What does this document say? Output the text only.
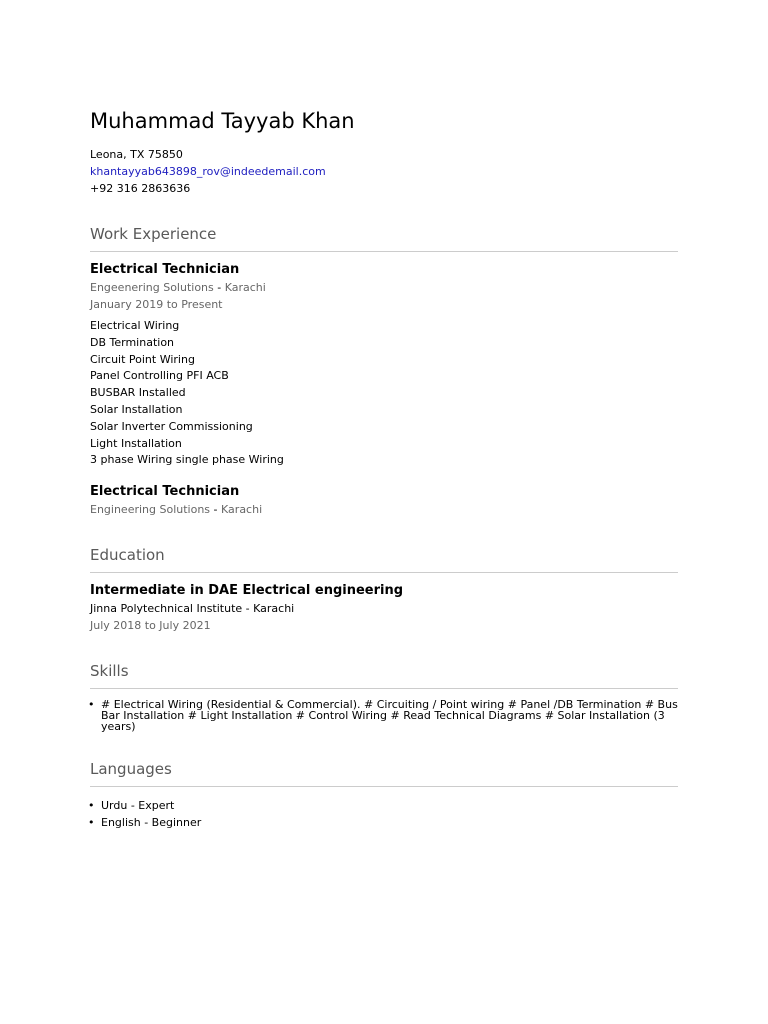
Muhammad Tayyab Khan

Leona, TX 75850

khantayyab643898_rov@indeedemail.com

+92 316 2863636

Work Experience

Electrical Technician

Engeenering Solutions - Karachi

January 2019 to Present

Electrical Wiring
DB Termination
Circuit Point Wiring
Panel Controlling PFI ACB
BUSBAR Installed
Solar Installation
Solar Inverter Commissioning
Light Installation
3 phase Wiring single phase Wiring

Electrical Technician

Engineering Solutions - Karachi

Education

Intermediate in DAE Electrical engineering

Jinna Polytechnical Institute - Karachi

July 2018 to July 2021

Skills
• # Electrical Wiring (Residential & Commercial). # Circuiting / Point wiring # Panel /DB Termination # Bus Bar Installation # Light Installation # Control Wiring # Read Technical Diagrams # Solar Installation (3 years)
Languages
• Urdu - Expert
• English - Beginner
